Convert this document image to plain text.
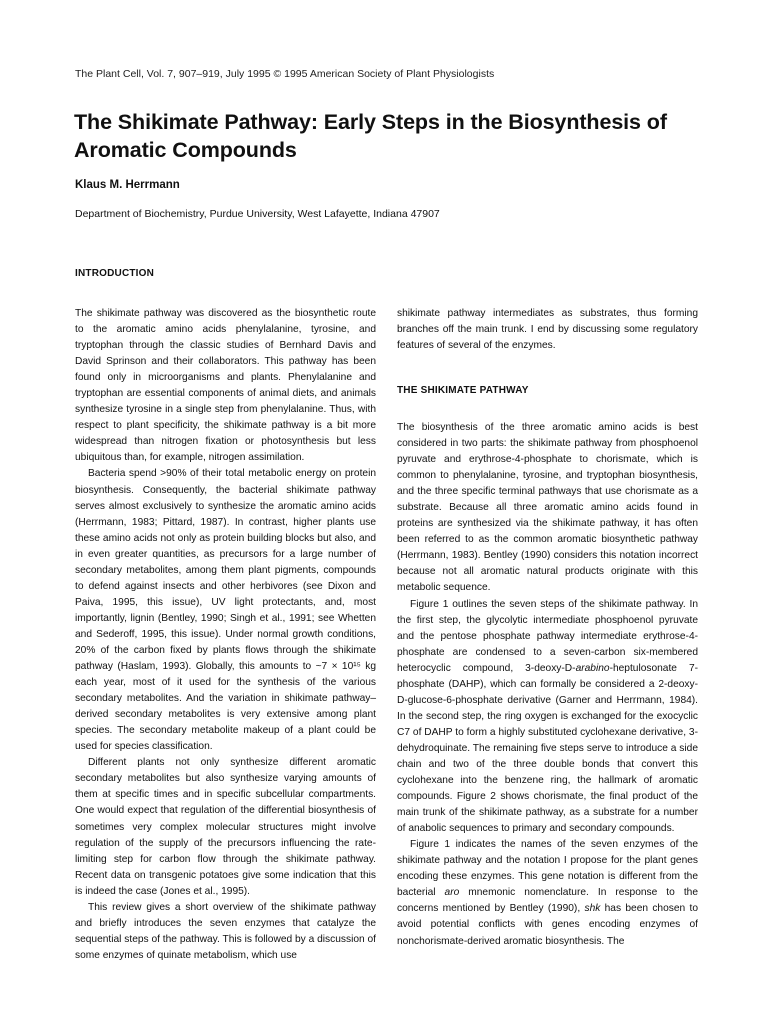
The Plant Cell, Vol. 7, 907–919, July 1995 © 1995 American Society of Plant Physiologists
The Shikimate Pathway: Early Steps in the Biosynthesis of Aromatic Compounds
Klaus M. Herrmann
Department of Biochemistry, Purdue University, West Lafayette, Indiana 47907
INTRODUCTION

The shikimate pathway was discovered as the biosynthetic route to the aromatic amino acids phenylalanine, tyrosine, and tryptophan through the classic studies of Bernhard Davis and David Sprinson and their collaborators. This pathway has been found only in microorganisms and plants. Phenylalanine and tryptophan are essential components of animal diets, and animals synthesize tyrosine in a single step from phenylalanine. Thus, with respect to plant specificity, the shikimate pathway is a bit more widespread than nitrogen fixation or photosynthesis but less ubiquitous than, for example, nitrogen assimilation.

Bacteria spend >90% of their total metabolic energy on protein biosynthesis. Consequently, the bacterial shikimate pathway serves almost exclusively to synthesize the aromatic amino acids (Herrmann, 1983; Pittard, 1987). In contrast, higher plants use these amino acids not only as protein building blocks but also, and in even greater quantities, as precursors for a large number of secondary metabolites, among them plant pigments, compounds to defend against insects and other herbivores (see Dixon and Paiva, 1995, this issue), UV light protectants, and, most importantly, lignin (Bentley, 1990; Singh et al., 1991; see Whetten and Sederoff, 1995, this issue). Under normal growth conditions, 20% of the carbon fixed by plants flows through the shikimate pathway (Haslam, 1993). Globally, this amounts to ~7 × 10¹⁵ kg each year, most of it used for the synthesis of the various secondary metabolites. And the variation in shikimate pathway–derived secondary metabolites is very extensive among plant species. The secondary metabolite makeup of a plant could be used for species classification.

Different plants not only synthesize different aromatic secondary metabolites but also synthesize varying amounts of them at specific times and in specific subcellular compartments. One would expect that regulation of the differential biosynthesis of sometimes very complex molecular structures might involve regulation of the supply of the precursors influencing the rate-limiting step for carbon flow through the shikimate pathway. Recent data on transgenic potatoes give some indication that this is indeed the case (Jones et al., 1995).

This review gives a short overview of the shikimate pathway and briefly introduces the seven enzymes that catalyze the sequential steps of the pathway. This is followed by a discussion of some enzymes of quinate metabolism, which use

shikimate pathway intermediates as substrates, thus forming branches off the main trunk. I end by discussing some regulatory features of several of the enzymes.

THE SHIKIMATE PATHWAY

The biosynthesis of the three aromatic amino acids is best considered in two parts: the shikimate pathway from phosphoenol pyruvate and erythrose-4-phosphate to chorismate, which is common to phenylalanine, tyrosine, and tryptophan biosynthesis, and the three specific terminal pathways that use chorismate as a substrate. Because all three aromatic amino acids found in proteins are synthesized via the shikimate pathway, it has often been referred to as the common aromatic biosynthetic pathway (Herrmann, 1983). Bentley (1990) considers this notation incorrect because not all aromatic natural products originate with this metabolic sequence.

Figure 1 outlines the seven steps of the shikimate pathway. In the first step, the glycolytic intermediate phosphoenol pyruvate and the pentose phosphate pathway intermediate erythrose-4-phosphate are condensed to a seven-carbon six-membered heterocyclic compound, 3-deoxy-D-arabino-heptulosonate 7-phosphate (DAHP), which can formally be considered a 2-deoxy-D-glucose-6-phosphate derivative (Garner and Herrmann, 1984). In the second step, the ring oxygen is exchanged for the exocyclic C7 of DAHP to form a highly substituted cyclohexane derivative, 3-dehydroquinate. The remaining five steps serve to introduce a side chain and two of the three double bonds that convert this cyclohexane into the benzene ring, the hallmark of aromatic compounds. Figure 2 shows chorismate, the final product of the main trunk of the shikimate pathway, as a substrate for a number of anabolic sequences to primary and secondary compounds.

Figure 1 indicates the names of the seven enzymes of the shikimate pathway and the notation I propose for the plant genes encoding these enzymes. This gene notation is different from the bacterial aro mnemonic nomenclature. In response to the concerns mentioned by Bentley (1990), shk has been chosen to avoid potential conflicts with genes encoding enzymes of nonchorismate-derived aromatic biosynthesis. The
